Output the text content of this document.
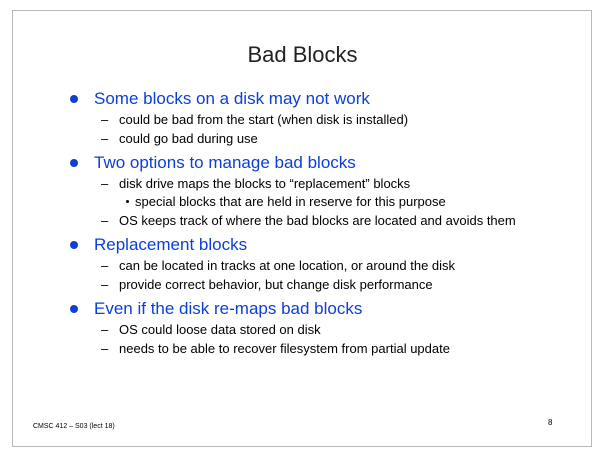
Bad Blocks
Some blocks on a disk may not work
– could be bad from the start (when disk is installed)
– could go bad during use
Two options to manage bad blocks
– disk drive maps the blocks to “replacement” blocks
special blocks that are held in reserve for this purpose
– OS keeps track of where the bad blocks are located and avoids them
Replacement blocks
– can be located in tracks at one location, or around the disk
– provide correct behavior, but change disk performance
Even if the disk re-maps bad blocks
– OS could loose data stored on disk
– needs to be able to recover filesystem from partial update
CMSC 412 – S03 (lect 18)	8
